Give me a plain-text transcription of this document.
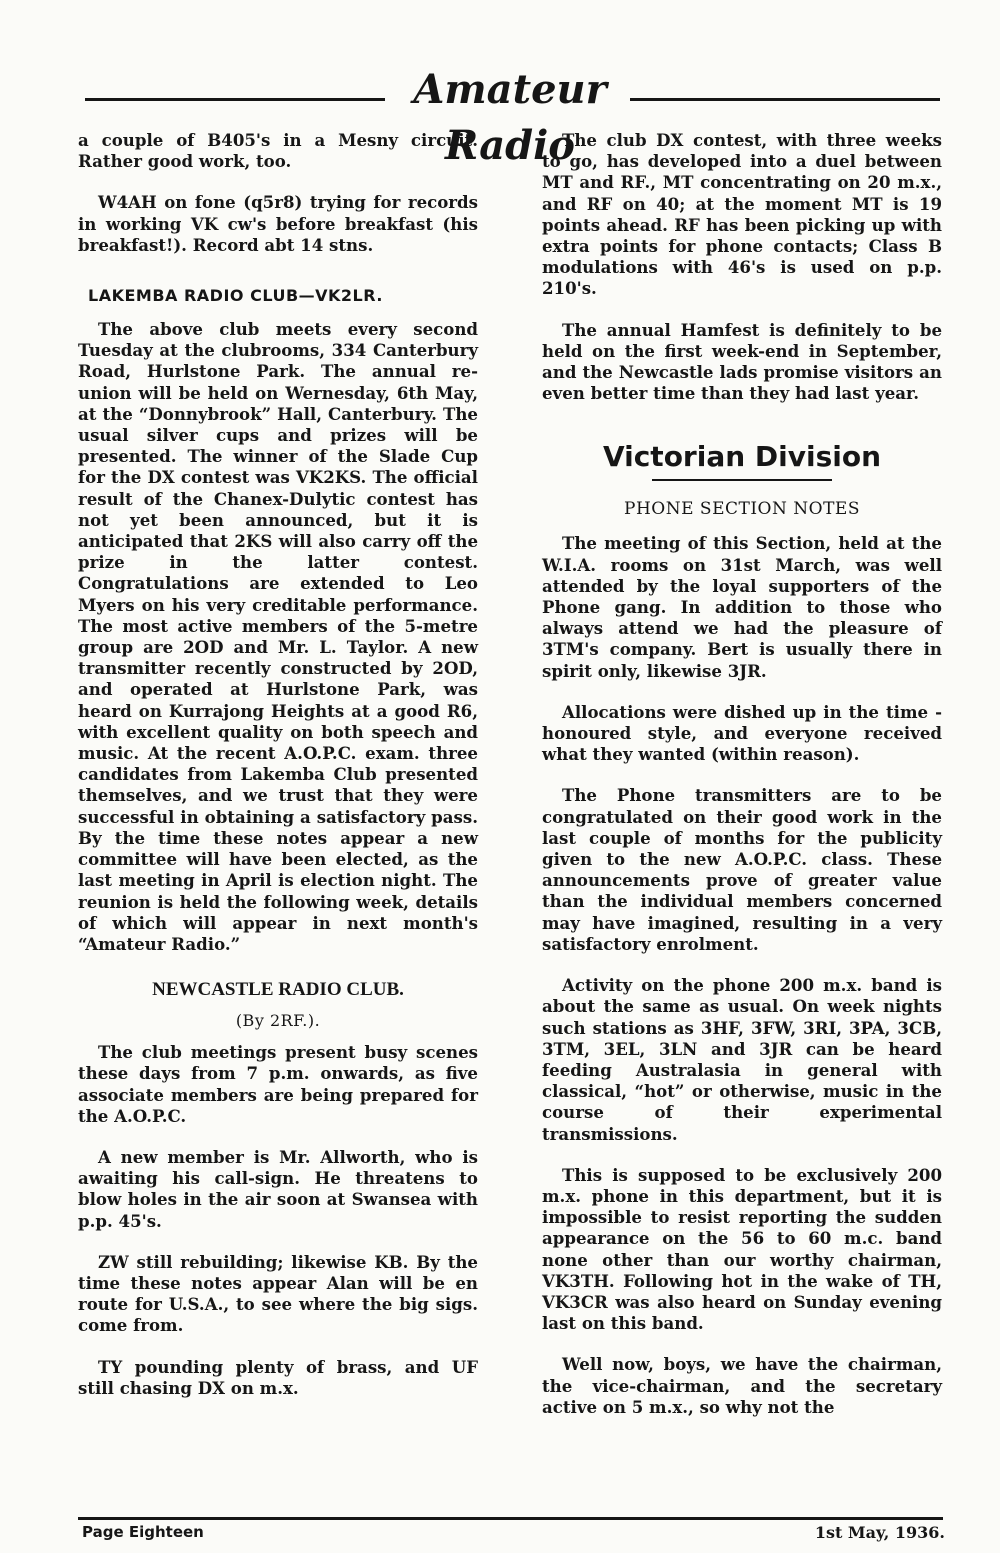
Amateur Radio

a couple of B405's in a Mesny circuit. Rather good work, too.

W4AH on fone (q5r8) trying for records in working VK cw's before breakfast (his breakfast!). Record abt 14 stns.

LAKEMBA RADIO CLUB—VK2LR.

The above club meets every second Tuesday at the clubrooms, 334 Canterbury Road, Hurlstone Park. The annual re-union will be held on Wernesday, 6th May, at the “Donnybrook” Hall, Canterbury. The usual silver cups and prizes will be presented. The winner of the Slade Cup for the DX contest was VK2KS. The official result of the Chanex-Dulytic contest has not yet been announced, but it is anticipated that 2KS will also carry off the prize in the latter contest. Congratulations are extended to Leo Myers on his very creditable performance. The most active members of the 5-metre group are 2OD and Mr. L. Taylor. A new transmitter recently constructed by 2OD, and operated at Hurlstone Park, was heard on Kurrajong Heights at a good R6, with excellent quality on both speech and music. At the recent A.O.P.C. exam. three candidates from Lakemba Club presented themselves, and we trust that they were successful in obtaining a satisfactory pass. By the time these notes appear a new committee will have been elected, as the last meeting in April is election night. The reunion is held the following week, details of which will appear in next month's “Amateur Radio.”

NEWCASTLE RADIO CLUB.
(By 2RF.).

The club meetings present busy scenes these days from 7 p.m. onwards, as five associate members are being prepared for the A.O.P.C.

A new member is Mr. Allworth, who is awaiting his call-sign. He threatens to blow holes in the air soon at Swansea with p.p. 45's.

ZW still rebuilding; likewise KB. By the time these notes appear Alan will be en route for U.S.A., to see where the big sigs. come from.

TY pounding plenty of brass, and UF still chasing DX on m.x.

The club DX contest, with three weeks to go, has developed into a duel between MT and RF., MT concentrating on 20 m.x., and RF on 40; at the moment MT is 19 points ahead. RF has been picking up with extra points for phone contacts; Class B modulations with 46's is used on p.p. 210's.

The annual Hamfest is definitely to be held on the first week-end in September, and the Newcastle lads promise visitors an even better time than they had last year.

Victorian Division
PHONE SECTION NOTES

The meeting of this Section, held at the W.I.A. rooms on 31st March, was well attended by the loyal supporters of the Phone gang. In addition to those who always attend we had the pleasure of 3TM's company. Bert is usually there in spirit only, likewise 3JR.

Allocations were dished up in the time - honoured style, and everyone received what they wanted (within reason).

The Phone transmitters are to be congratulated on their good work in the last couple of months for the publicity given to the new A.O.P.C. class. These announcements prove of greater value than the individual members concerned may have imagined, resulting in a very satisfactory enrolment.

Activity on the phone 200 m.x. band is about the same as usual. On week nights such stations as 3HF, 3FW, 3RI, 3PA, 3CB, 3TM, 3EL, 3LN and 3JR can be heard feeding Australasia in general with classical, “hot” or otherwise, music in the course of their experimental transmissions.

This is supposed to be exclusively 200 m.x. phone in this department, but it is impossible to resist reporting the sudden appearance on the 56 to 60 m.c. band none other than our worthy chairman, VK3TH. Following hot in the wake of TH, VK3CR was also heard on Sunday evening last on this band.

Well now, boys, we have the chairman, the vice-chairman, and the secretary active on 5 m.x., so why not the

Page Eighteen	1st May, 1936.
